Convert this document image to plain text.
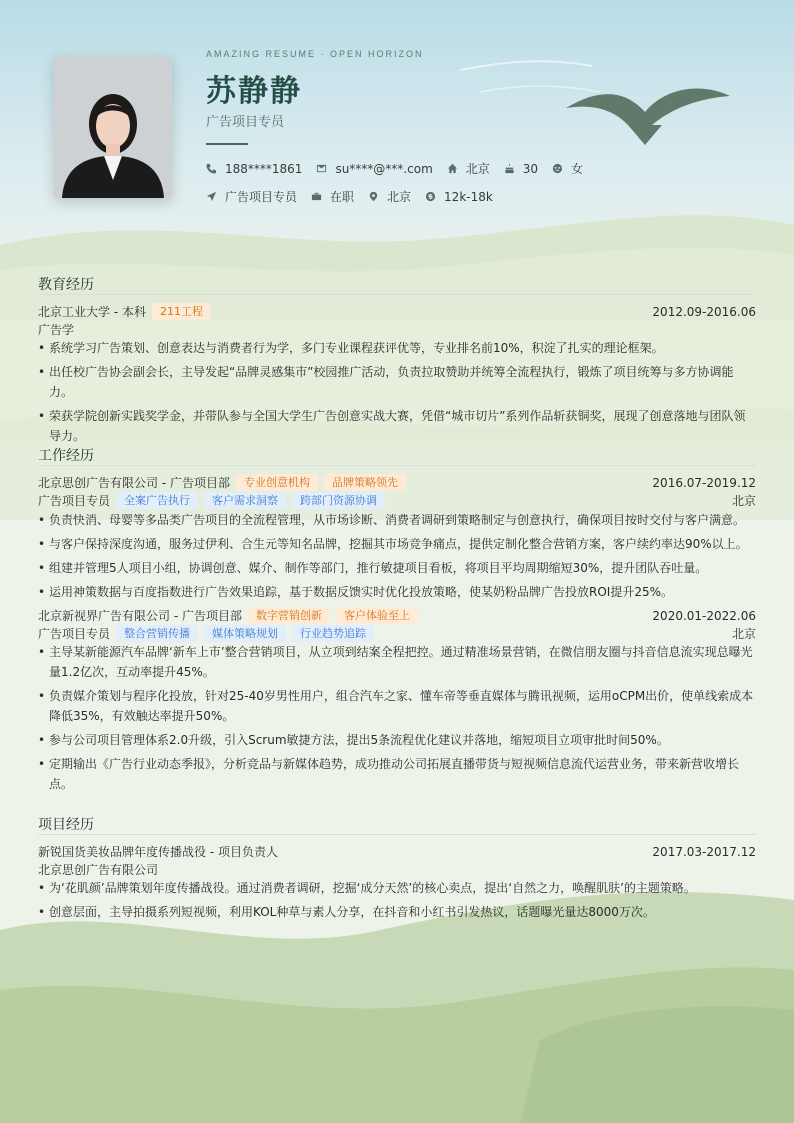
AMAZING RESUME · OPEN HORIZON
苏静静
广告项目专员
188****1861	su****@***.com	北京	30	女
广告项目专员	在职	北京	12k-18k
教育经历
北京工业大学 - 本科	211工程	2012.09-2016.06
广告学
• 系统学习广告策划、创意表达与消费者行为学，多门专业课程获评优等，专业排名前10%，积淀了扎实的理论框架。
• 出任校广告协会副会长，主导发起“品牌灵感集市”校园推广活动，负责拉取赞助并统筹全流程执行，锻炼了项目统筹与多方协调能力。
• 荣获学院创新实践奖学金，并带队参与全国大学生广告创意实战大赛，凭借“城市切片”系列作品斩获铜奖，展现了创意落地与团队领导力。
工作经历
北京思创广告有限公司 - 广告项目部	专业创意机构	品牌策略领先	2016.07-2019.12
广告项目专员	全案广告执行	客户需求洞察	跨部门资源协调	北京
• 负责快消、母婴等多品类广告项目的全流程管理，从市场诊断、消费者调研到策略制定与创意执行，确保项目按时交付与客户满意。
• 与客户保持深度沟通，服务过伊利、合生元等知名品牌，挖掘其市场竞争痛点，提供定制化整合营销方案，客户续约率达90%以上。
• 组建并管理5人项目小组，协调创意、媒介、制作等部门，推行敏捷项目看板，将项目平均周期缩短30%，提升团队吞吐量。
• 运用神策数据与百度指数进行广告效果追踪，基于数据反馈实时优化投放策略，使某奶粉品牌广告投放ROI提升25%。
北京新视界广告有限公司 - 广告项目部	数字营销创新	客户体验至上	2020.01-2022.06
广告项目专员	整合营销传播	媒体策略规划	行业趋势追踪	北京
• 主导某新能源汽车品牌‘新车上市’整合营销项目，从立项到结案全程把控。通过精准场景营销，在微信朋友圈与抖音信息流实现总曝光量1.2亿次，互动率提升45%。
• 负责媒介策划与程序化投放，针对25-40岁男性用户，组合汽车之家、懂车帝等垂直媒体与腾讯视频，运用oCPM出价，使单线索成本降低35%，有效触达率提升50%。
• 参与公司项目管理体系2.0升级，引入Scrum敏捷方法，提出5条流程优化建议并落地，缩短项目立项审批时间50%。
• 定期输出《广告行业动态季报》，分析竞品与新媒体趋势，成功推动公司拓展直播带货与短视频信息流代运营业务，带来新营收增长点。
项目经历
新锐国货美妆品牌年度传播战役 - 项目负责人	2017.03-2017.12
北京思创广告有限公司
• 为‘花肌颜’品牌策划年度传播战役。通过消费者调研，挖掘‘成分天然’的核心卖点，提出‘自然之力，唤醒肌肤’的主题策略。
• 创意层面，主导拍摄系列短视频，利用KOL种草与素人分享，在抖音和小红书引发热议，话题曝光量达8000万次。
